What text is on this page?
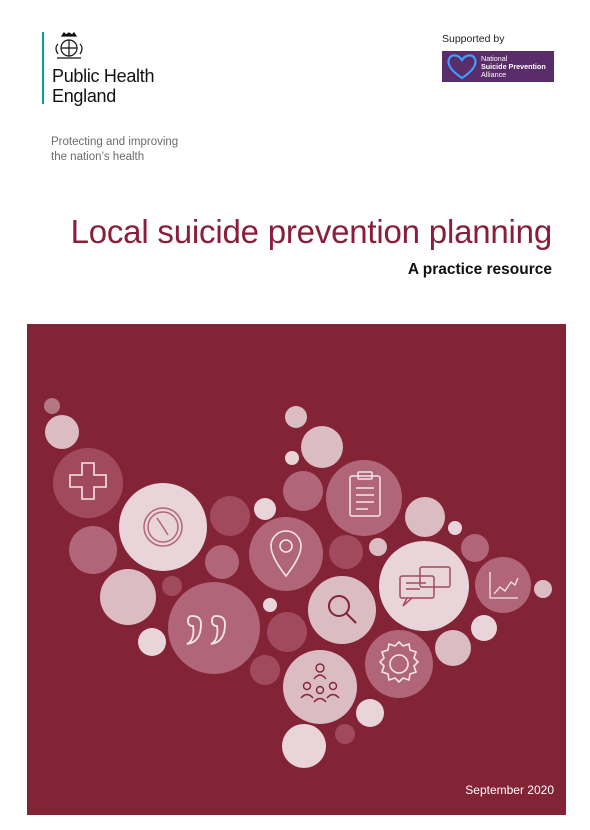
Public Health
England
Protecting and improving
the nation’s health
Supported by
National
Suicide Prevention
Alliance
Local suicide prevention planning
A practice resource
September 2020
